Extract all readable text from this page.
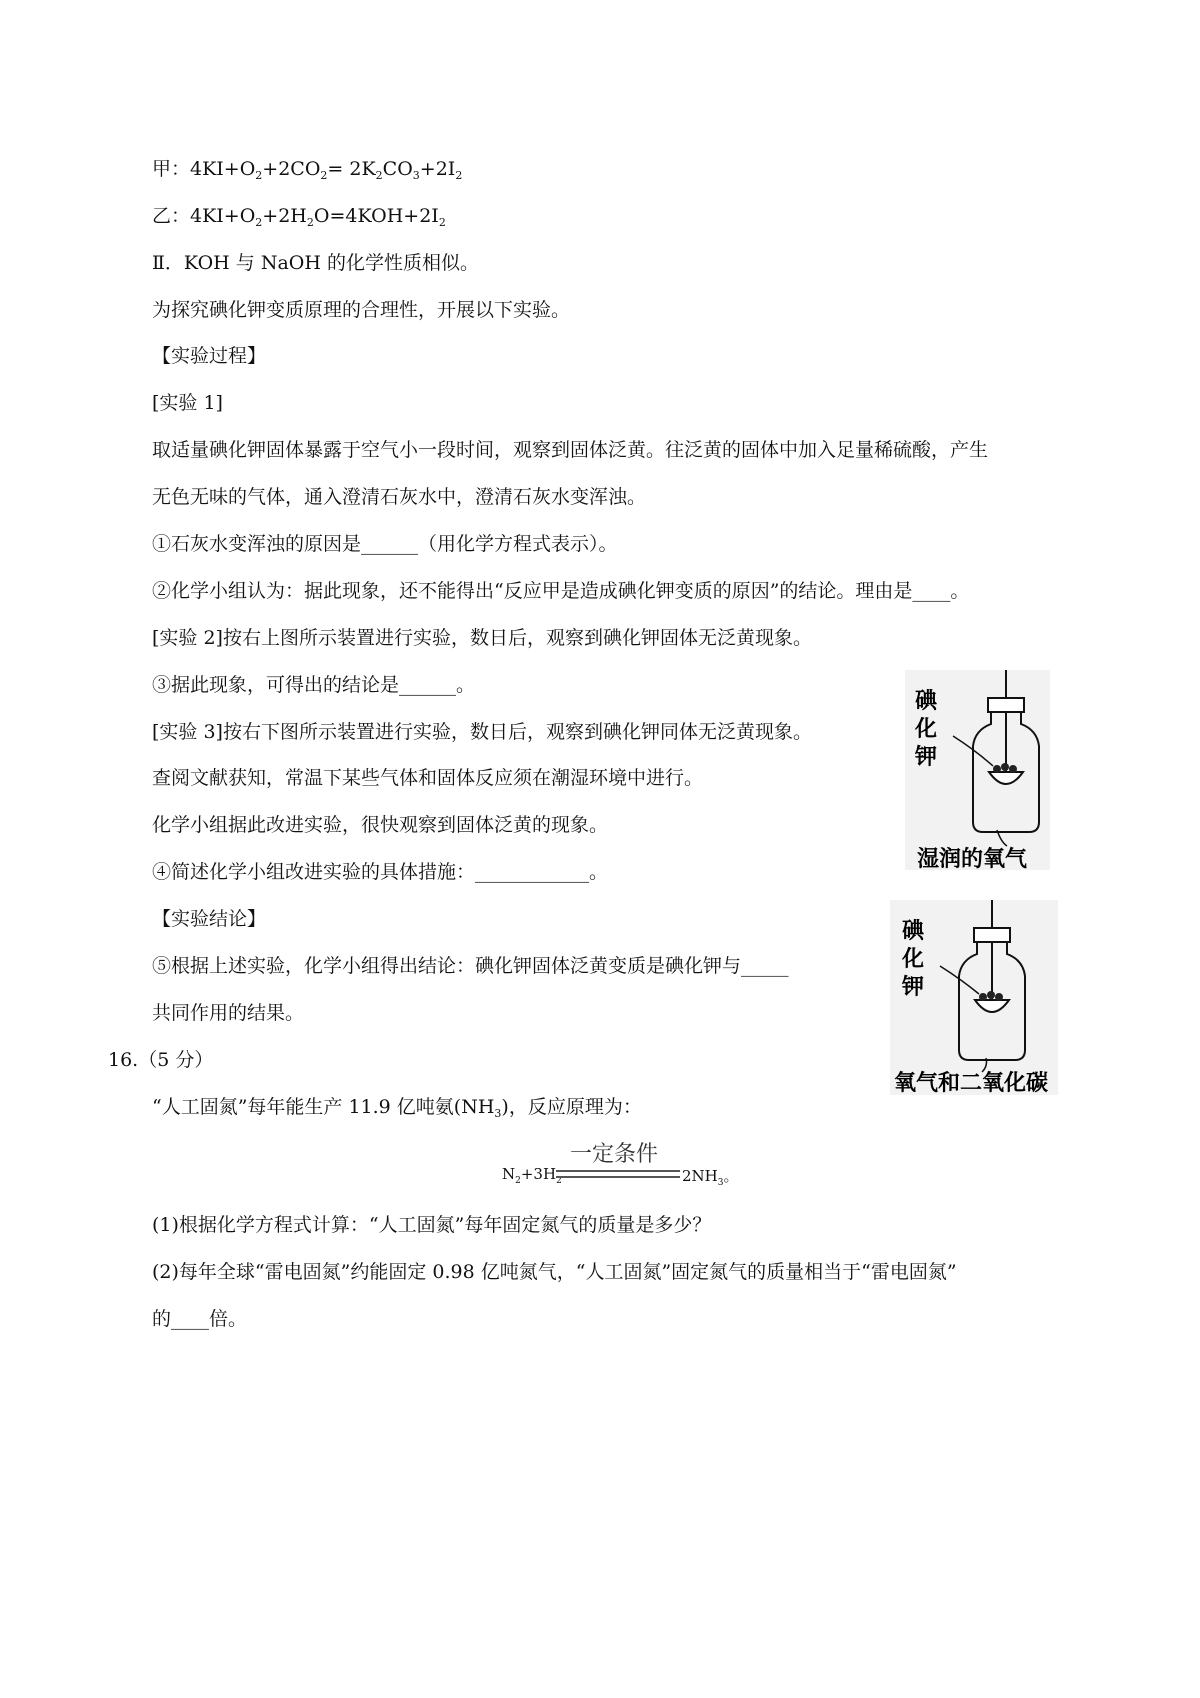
甲：$4KI+O_2+2CO_2= 2K_2CO_3+2I_2$
乙：$4KI+O_2+2H_2O=4KOH+2I_2$
Ⅱ．KOH 与 NaOH 的化学性质相似。
为探究碘化钾变质原理的合理性，开展以下实验。
【实验过程】
[实验 1]
取适量碘化钾固体暴露于空气小一段时间，观察到固体泛黄。往泛黄的固体中加入足量稀硫酸，产生
无色无味的气体，通入澄清石灰水中，澄清石灰水变浑浊。
①石灰水变浑浊的原因是______（用化学方程式表示）。
②化学小组认为：据此现象，还不能得出“反应甲是造成碘化钾变质的原因”的结论。理由是____。
[实验 2]按右上图所示装置进行实验，数日后，观察到碘化钾固体无泛黄现象。
③据此现象，可得出的结论是______。
[实验 3]按右下图所示装置进行实验，数日后，观察到碘化钾同体无泛黄现象。
查阅文献获知，常温下某些气体和固体反应须在潮湿环境中进行。
化学小组据此改进实验，很快观察到固体泛黄的现象。
④简述化学小组改进实验的具体措施：____________。
【实验结论】
⑤根据上述实验，化学小组得出结论：碘化钾固体泛黄变质是碘化钾与_____
共同作用的结果。
碘
化
钾
湿润的氧气
碘
化
钾
氧气和二氧化碳
16.（5 分）
“人工固氮”每年能生产 11.9 亿吨氨$(NH_3)$，反应原理为：
一定条件
$N_2+3H_2$	$2NH_3$。
(1)根据化学方程式计算：“人工固氮”每年固定氮气的质量是多少？
(2)每年全球“雷电固氮”约能固定 0.98 亿吨氮气，“人工固氮”固定氮气的质量相当于“雷电固氮”
的____倍。
